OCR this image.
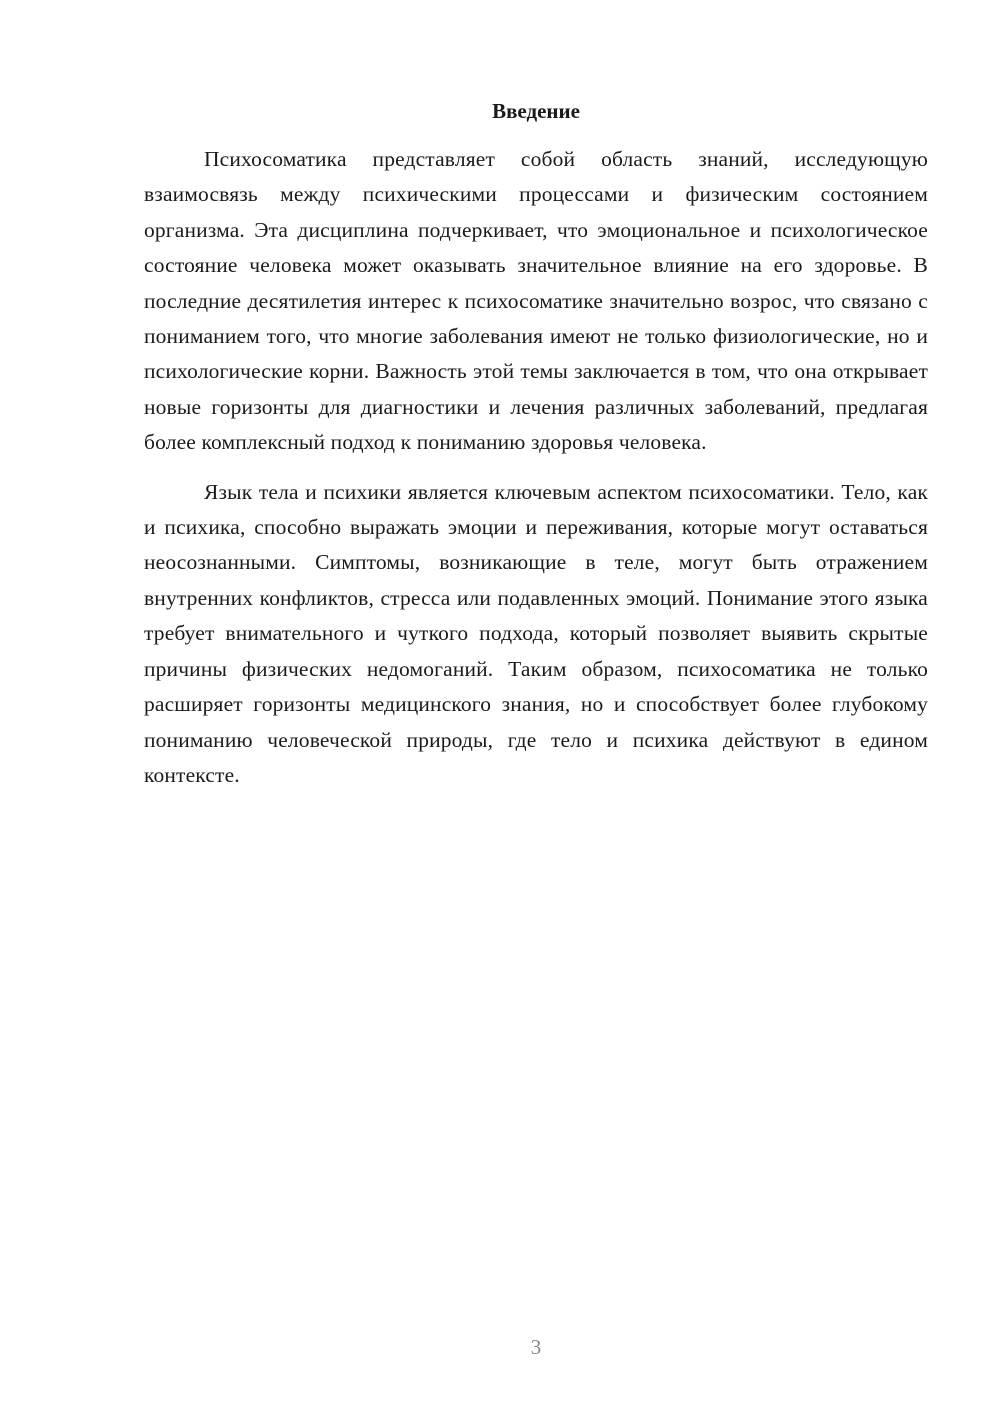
Введение

Психосоматика представляет собой область знаний, исследующую взаимосвязь между психическими процессами и физическим состоянием организма. Эта дисциплина подчеркивает, что эмоциональное и психологическое состояние человека может оказывать значительное влияние на его здоровье. В последние десятилетия интерес к психосоматике значительно возрос, что связано с пониманием того, что многие заболевания имеют не только физиологические, но и психологические корни. Важность этой темы заключается в том, что она открывает новые горизонты для диагностики и лечения различных заболеваний, предлагая более комплексный подход к пониманию здоровья человека.

Язык тела и психики является ключевым аспектом психосоматики. Тело, как и психика, способно выражать эмоции и переживания, которые могут оставаться неосознанными. Симптомы, возникающие в теле, могут быть отражением внутренних конфликтов, стресса или подавленных эмоций. Понимание этого языка требует внимательного и чуткого подхода, который позволяет выявить скрытые причины физических недомоганий. Таким образом, психосоматика не только расширяет горизонты медицинского знания, но и способствует более глубокому пониманию человеческой природы, где тело и психика действуют в едином контексте.

3
